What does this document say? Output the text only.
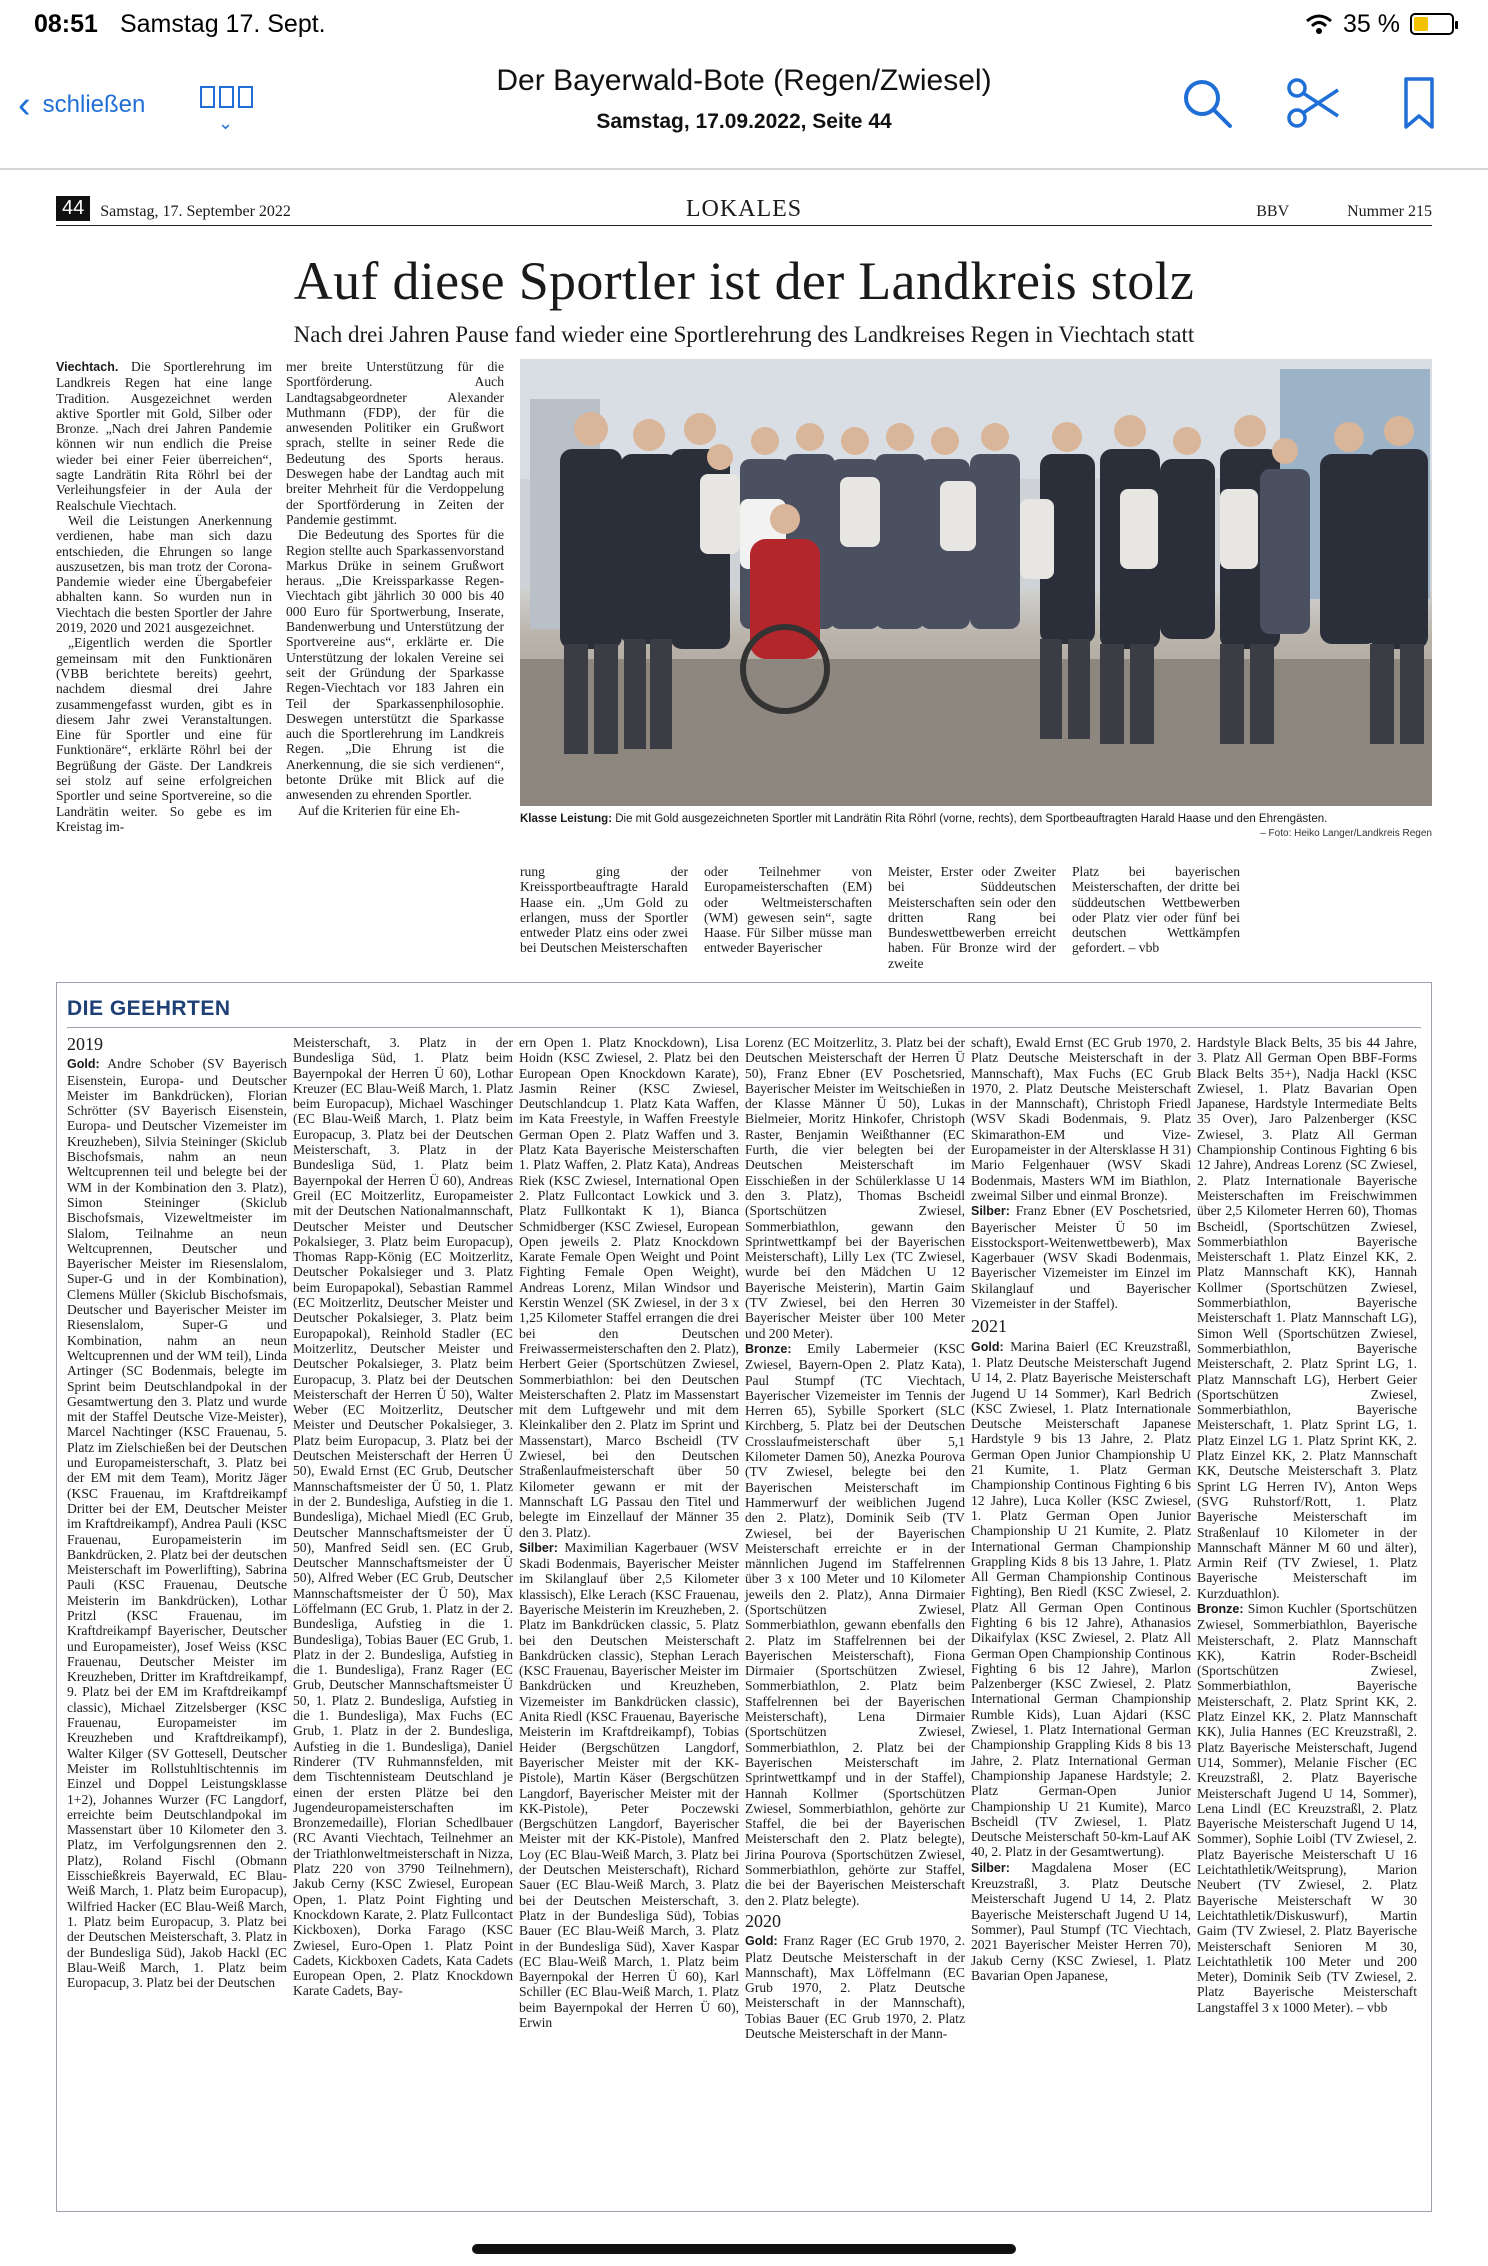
08:51 Samstag 17. Sept.	35 %
‹ schließen
⌄
Der Bayerwald-Bote (Regen/Zwiesel)
Samstag, 17.09.2022, Seite 44
44	Samstag, 17. September 2022	LOKALES	BBV	Nummer 215
Auf diese Sportler ist der Landkreis stolz
Nach drei Jahren Pause fand wieder eine Sportlerehrung des Landkreises Regen in Viechtach statt

Viechtach. Die Sportlerehrung im Landkreis Regen hat eine lange Tradition. Ausgezeichnet werden aktive Sportler mit Gold, Silber oder Bronze. „Nach drei Jahren Pandemie können wir nun endlich die Preise wieder bei einer Feier überreichen“, sagte Landrätin Rita Röhrl bei der Verleihungsfeier in der Aula der Realschule Viechtach.

Weil die Leistungen Anerkennung verdienen, habe man sich dazu entschieden, die Ehrungen so lange auszusetzen, bis man trotz der Corona-Pandemie wieder eine Übergabefeier abhalten kann. So wurden nun in Viechtach die besten Sportler der Jahre 2019, 2020 und 2021 ausgezeichnet.

„Eigentlich werden die Sportler gemeinsam mit den Funktionären (VBB berichtete bereits) geehrt, nachdem diesmal drei Jahre zusammengefasst wurden, gibt es in diesem Jahr zwei Veranstaltungen. Eine für Sportler und eine für Funktionäre“, erklärte Röhrl bei der Begrüßung der Gäste. Der Landkreis sei stolz auf seine erfolgreichen Sportler und seine Sportvereine, so die Landrätin weiter. So gebe es im Kreistag im-

mer breite Unterstützung für die Sportförderung. Auch Landtagsabgeordneter Alexander Muthmann (FDP), der für die anwesenden Politiker ein Grußwort sprach, stellte in seiner Rede die Bedeutung des Sports heraus. Deswegen habe der Landtag auch mit breiter Mehrheit für die Verdoppelung der Sportförderung in Zeiten der Pandemie gestimmt.

Die Bedeutung des Sportes für die Region stellte auch Sparkassenvorstand Markus Drüke in seinem Grußwort heraus. „Die Kreissparkasse Regen-Viechtach gibt jährlich 30 000 bis 40 000 Euro für Sportwerbung, Inserate, Bandenwerbung und Unterstützung der Sportvereine aus“, erklärte er. Die Unterstützung der lokalen Vereine sei seit der Gründung der Sparkasse Regen-Viechtach vor 183 Jahren ein Teil der Sparkassenphilosophie. Deswegen unterstützt die Sparkasse auch die Sportlerehrung im Landkreis Regen. „Die Ehrung ist die Anerkennung, die sie sich verdienen“, betonte Drüke mit Blick auf die anwesenden zu ehrenden Sportler.

Auf die Kriterien für eine Eh-

Klasse Leistung: Die mit Gold ausgezeichneten Sportler mit Landrätin Rita Röhrl (vorne, rechts), dem Sportbeauftragten Harald Haase und den Ehrengästen.
– Foto: Heiko Langer/Landkreis Regen

rung ging der Kreissportbeauftragte Harald Haase ein. „Um Gold zu erlangen, muss der Sportler entweder Platz eins oder zwei bei Deutschen Meisterschaften

oder Teilnehmer von Europameisterschaften (EM) oder Weltmeisterschaften (WM) gewesen sein“, sagte Haase. Für Silber müsse man entweder Bayerischer

Meister, Erster oder Zweiter bei Süddeutschen Meisterschaften sein oder den dritten Rang bei Bundeswettbewerben erreicht haben. Für Bronze wird der zweite

Platz bei bayerischen Meisterschaften, der dritte bei süddeutschen Wettbewerben oder Platz vier oder fünf bei deutschen Wettkämpfen gefordert. – vbb

DIE GEEHRTEN
2019

Gold: Andre Schober (SV Bayerisch Eisenstein, Europa- und Deutscher Meister im Bankdrücken), Florian Schrötter (SV Bayerisch Eisenstein, Europa- und Deutscher Vizemeister im Kreuzheben), Silvia Steininger (Skiclub Bischofsmais, nahm an neun Weltcuprennen teil und belegte bei der WM in der Kombination den 3. Platz), Simon Steininger (Skiclub Bischofsmais, Vizeweltmeister im Slalom, Teilnahme an neun Weltcuprennen, Deutscher und Bayerischer Meister im Riesenslalom, Super-G und in der Kombination), Clemens Müller (Skiclub Bischofsmais, Deutscher und Bayerischer Meister im Riesenslalom, Super-G und Kombination, nahm an neun Weltcuprennen und der WM teil), Linda Artinger (SC Bodenmais, belegte im Sprint beim Deutschlandpokal in der Gesamtwertung den 3. Platz und wurde mit der Staffel Deutsche Vize-Meister), Marcel Nachtinger (KSC Frauenau, 5. Platz im Zielschießen bei der Deutschen und Europameisterschaft, 3. Platz bei der EM mit dem Team), Moritz Jäger (KSC Frauenau, im Kraftdreikampf Dritter bei der EM, Deutscher Meister im Kraftdreikampf), Andrea Pauli (KSC Frauenau, Europameisterin im Bankdrücken, 2. Platz bei der deutschen Meisterschaft im Powerlifting), Sabrina Pauli (KSC Frauenau, Deutsche Meisterin im Bankdrücken), Lothar Pritzl (KSC Frauenau, im Kraftdreikampf Bayerischer, Deutscher und Europameister), Josef Weiss (KSC Frauenau, Deutscher Meister im Kreuzheben, Dritter im Kraftdreikampf, 9. Platz bei der EM im Kraftdreikampf classic), Michael Zitzelsberger (KSC Frauenau, Europameister im Kreuzheben und Kraftdreikampf), Walter Kilger (SV Gottesell, Deutscher Meister im Rollstuhltischtennis im Einzel und Doppel Leistungsklasse 1+2), Johannes Wurzer (FC Langdorf, erreichte beim Deutschlandpokal im Massenstart über 10 Kilometer den 3. Platz, im Verfolgungsrennen den 2. Platz), Roland Fischl (Obmann Eisschießkreis Bayerwald, EC Blau-Weiß March, 1. Platz beim Europacup), Wilfried Hacker (EC Blau-Weiß March, 1. Platz beim Europacup, 3. Platz bei der Deutschen Meisterschaft, 3. Platz in der Bundesliga Süd), Jakob Hackl (EC Blau-Weiß March, 1. Platz beim Europacup, 3. Platz bei der Deutschen

Meisterschaft, 3. Platz in der Bundesliga Süd, 1. Platz beim Bayernpokal der Herren Ü 60), Lothar Kreuzer (EC Blau-Weiß March, 1. Platz beim Europacup), Michael Waschinger (EC Blau-Weiß March, 1. Platz beim Europacup, 3. Platz bei der Deutschen Meisterschaft, 3. Platz in der Bundesliga Süd, 1. Platz beim Bayernpokal der Herren Ü 60), Andreas Greil (EC Moitzerlitz, Europameister mit der Deutschen Nationalmannschaft, Deutscher Meister und Deutscher Pokalsieger, 3. Platz beim Europacup), Thomas Rapp-König (EC Moitzerlitz, Deutscher Pokalsieger und 3. Platz beim Europapokal), Sebastian Rammel (EC Moitzerlitz, Deutscher Meister und Deutscher Pokalsieger, 3. Platz beim Europapokal), Reinhold Stadler (EC Moitzerlitz, Deutscher Meister und Deutscher Pokalsieger, 3. Platz beim Europacup, 3. Platz bei der Deutschen Meisterschaft der Herren Ü 50), Walter Weber (EC Moitzerlitz, Deutscher Meister und Deutscher Pokalsieger, 3. Platz beim Europacup, 3. Platz bei der Deutschen Meisterschaft der Herren Ü 50), Ewald Ernst (EC Grub, Deutscher Mannschaftsmeister der Ü 50, 1. Platz in der 2. Bundesliga, Aufstieg in die 1. Bundesliga), Michael Miedl (EC Grub, Deutscher Mannschaftsmeister der Ü 50), Manfred Seidl sen. (EC Grub, Deutscher Mannschaftsmeister der Ü 50), Alfred Weber (EC Grub, Deutscher Mannschaftsmeister der Ü 50), Max Löffelmann (EC Grub, 1. Platz in der 2. Bundesliga, Aufstieg in die 1. Bundesliga), Tobias Bauer (EC Grub, 1. Platz in der 2. Bundesliga, Aufstieg in die 1. Bundesliga), Franz Rager (EC Grub, Deutscher Mannschaftsmeister Ü 50, 1. Platz 2. Bundesliga, Aufstieg in die 1. Bundesliga), Max Fuchs (EC Grub, 1. Platz in der 2. Bundesliga, Aufstieg in die 1. Bundesliga), Daniel Rinderer (TV Ruhmannsfelden, mit dem Tischtennisteam Deutschland je einen der ersten Plätze bei den Jugendeuropameisterschaften im Bronzemedaille), Florian Schedlbauer (RC Avanti Viechtach, Teilnehmer an der Triathlonweltmeisterschaft in Nizza, Platz 220 von 3790 Teilnehmern), Jakub Cerny (KSC Zwiesel, European Open, 1. Platz Point Fighting und Knockdown Karate, 2. Platz Fullcontact Kickboxen), Dorka Farago (KSC Zwiesel, Euro-Open 1. Platz Point Cadets, Kickboxen Cadets, Kata Cadets European Open, 2. Platz Knockdown Karate Cadets, Bay-

ern Open 1. Platz Knockdown), Lisa Hoidn (KSC Zwiesel, 2. Platz bei den European Open Knockdown Karate), Jasmin Reiner (KSC Zwiesel, Deutschlandcup 1. Platz Kata Waffen, im Kata Freestyle, in Waffen Freestyle German Open 2. Platz Waffen und 3. Platz Kata Bayerische Meisterschaften 1. Platz Waffen, 2. Platz Kata), Andreas Riek (KSC Zwiesel, International Open 2. Platz Fullcontact Lowkick und 3. Platz Fullkontakt K 1), Bianca Schmidberger (KSC Zwiesel, European Open jeweils 2. Platz Knockdown Karate Female Open Weight und Point Fighting Female Open Weight), Andreas Lorenz, Milan Windsor und Kerstin Wenzel (SK Zwiesel, in der 3 x 1,25 Kilometer Staffel errangen die drei bei den Deutschen Freiwassermeisterschaften den 2. Platz), Herbert Geier (Sportschützen Zwiesel, Sommerbiathlon: bei den Deutschen Meisterschaften 2. Platz im Massenstart mit dem Luftgewehr und mit dem Kleinkaliber den 2. Platz im Sprint und Massenstart), Marco Bscheidl (TV Zwiesel, bei den Deutschen Straßenlaufmeisterschaft über 50 Kilometer gewann er mit der Mannschaft LG Passau den Titel und belegte im Einzellauf der Männer 35 den 3. Platz).

Silber: Maximilian Kagerbauer (WSV Skadi Bodenmais, Bayerischer Meister im Skilanglauf über 2,5 Kilometer klassisch), Elke Lerach (KSC Frauenau, Bayerische Meisterin im Kreuzheben, 2. Platz im Bankdrücken classic, 5. Platz bei den Deutschen Meisterschaft Bankdrücken classic), Stephan Lerach (KSC Frauenau, Bayerischer Meister im Bankdrücken und Kreuzheben, Vizemeister im Bankdrücken classic), Anita Riedl (KSC Frauenau, Bayerische Meisterin im Kraftdreikampf), Tobias Heider (Bergschützen Langdorf, Bayerischer Meister mit der KK-Pistole), Martin Käser (Bergschützen Langdorf, Bayerischer Meister mit der KK-Pistole), Peter Poczewski (Bergschützen Langdorf, Bayerischer Meister mit der KK-Pistole), Manfred Loy (EC Blau-Weiß March, 3. Platz bei der Deutschen Meisterschaft), Richard Sauer (EC Blau-Weiß March, 3. Platz bei der Deutschen Meisterschaft, 3. Platz in der Bundesliga Süd), Tobias Bauer (EC Blau-Weiß March, 3. Platz in der Bundesliga Süd), Xaver Kaspar (EC Blau-Weiß March, 1. Platz beim Bayernpokal der Herren Ü 60), Karl Schiller (EC Blau-Weiß March, 1. Platz beim Bayernpokal der Herren Ü 60), Erwin

Lorenz (EC Moitzerlitz, 3. Platz bei der Deutschen Meisterschaft der Herren Ü 50), Franz Ebner (EV Poschetsried, Bayerischer Meister im Weitschießen in der Klasse Männer Ü 50), Lukas Bielmeier, Moritz Hinkofer, Christoph Raster, Benjamin Weißthanner (EC Furth, die vier belegten bei der Deutschen Meisterschaft im Eisschießen in der Schülerklasse U 14 den 3. Platz), Thomas Bscheidl (Sportschützen Zwiesel, Sommerbiathlon, gewann den Sprintwettkampf bei der Bayerischen Meisterschaft), Lilly Lex (TC Zwiesel, wurde bei den Mädchen U 12 Bayerische Meisterin), Martin Gaim (TV Zwiesel, bei den Herren 30 Bayerischer Meister über 100 Meter und 200 Meter).

Bronze: Emily Labermeier (KSC Zwiesel, Bayern-Open 2. Platz Kata), Paul Stumpf (TC Viechtach, Bayerischer Vizemeister im Tennis der Herren 65), Sybille Sporkert (SLC Kirchberg, 5. Platz bei der Deutschen Crosslaufmeisterschaft über 5,1 Kilometer Damen 50), Anezka Pourova (TV Zwiesel, belegte bei den Bayerischen Meisterschaft im Hammerwurf der weiblichen Jugend den 2. Platz), Dominik Seib (TV Zwiesel, bei der Bayerischen Meisterschaft erreichte er in der männlichen Jugend im Staffelrennen über 3 x 100 Meter und 10 Kilometer jeweils den 2. Platz), Anna Dirmaier (Sportschützen Zwiesel, Sommerbiathlon, gewann ebenfalls den 2. Platz im Staffelrennen bei der Bayerischen Meisterschaft), Fiona Dirmaier (Sportschützen Zwiesel, Sommerbiathlon, 2. Platz beim Staffelrennen bei der Bayerischen Meisterschaft), Lena Dirmaier (Sportschützen Zwiesel, Sommerbiathlon, 2. Platz bei der Bayerischen Meisterschaft im Sprintwettkampf und in der Staffel), Hannah Kollmer (Sportschützen Zwiesel, Sommerbiathlon, gehörte zur Staffel, die bei der Bayerischen Meisterschaft den 2. Platz belegte), Jirina Pourova (Sportschützen Zwiesel, Sommerbiathlon, gehörte zur Staffel, die bei der Bayerischen Meisterschaft den 2. Platz belegte).

2020

Gold: Franz Rager (EC Grub 1970, 2. Platz Deutsche Meisterschaft in der Mannschaft), Max Löffelmann (EC Grub 1970, 2. Platz Deutsche Meisterschaft in der Mannschaft), Tobias Bauer (EC Grub 1970, 2. Platz Deutsche Meisterschaft in der Mann-

schaft), Ewald Ernst (EC Grub 1970, 2. Platz Deutsche Meisterschaft in der Mannschaft), Max Fuchs (EC Grub 1970, 2. Platz Deutsche Meisterschaft in der Mannschaft), Christoph Friedl (WSV Skadi Bodenmais, 9. Platz Skimarathon-EM und Vize-Europameister in der Altersklasse H 31) Mario Felgenhauer (WSV Skadi Bodenmais, Masters WM im Biathlon, zweimal Silber und einmal Bronze).

Silber: Franz Ebner (EV Poschetsried, Bayerischer Meister Ü 50 im Eisstocksport-Weitenwettbewerb), Max Kagerbauer (WSV Skadi Bodenmais, Bayerischer Vizemeister im Einzel im Skilanglauf und Bayerischer Vizemeister in der Staffel).

2021

Gold: Marina Baierl (EC Kreuzstraßl, 1. Platz Deutsche Meisterschaft Jugend U 14, 2. Platz Bayerische Meisterschaft Jugend U 14 Sommer), Karl Bedrich (KSC Zwiesel, 1. Platz Internationale Deutsche Meisterschaft Japanese Hardstyle 9 bis 13 Jahre, 2. Platz German Open Junior Championship U 21 Kumite, 1. Platz German Championship Continous Fighting 6 bis 12 Jahre), Luca Koller (KSC Zwiesel, 1. Platz German Open Junior Championship U 21 Kumite, 2. Platz International German Championship Grappling Kids 8 bis 13 Jahre, 1. Platz All German Championship Continous Fighting), Ben Riedl (KSC Zwiesel, 2. Platz All German Open Continous Fighting 6 bis 12 Jahre), Athanasios Dikaifylax (KSC Zwiesel, 2. Platz All German Open Championship Continous Fighting 6 bis 12 Jahre), Marlon Palzenberger (KSC Zwiesel, 2. Platz International German Championship Rumble Kids), Luan Ajdari (KSC Zwiesel, 1. Platz International German Championship Grappling Kids 8 bis 13 Jahre, 2. Platz International German Championship Japanese Hardstyle; 2. Platz German-Open Junior Championship U 21 Kumite), Marco Bscheidl (TV Zwiesel, 1. Platz Deutsche Meisterschaft 50-km-Lauf AK 40, 2. Platz in der Gesamtwertung).

Silber: Magdalena Moser (EC Kreuzstraßl, 3. Platz Deutsche Meisterschaft Jugend U 14, 2. Platz Bayerische Meisterschaft Jugend U 14, Sommer), Paul Stumpf (TC Viechtach, 2021 Bayerischer Meister Herren 70), Jakub Cerny (KSC Zwiesel, 1. Platz Bavarian Open Japanese,

Hardstyle Black Belts, 35 bis 44 Jahre, 3. Platz All German Open BBF-Forms Black Belts 35+), Nadja Hackl (KSC Zwiesel, 1. Platz Bavarian Open Japanese, Hardstyle Intermediate Belts 35 Over), Jaro Palzenberger (KSC Zwiesel, 3. Platz All German Championship Continous Fighting 6 bis 12 Jahre), Andreas Lorenz (SC Zwiesel, 2. Platz Internationale Bayerische Meisterschaften im Freischwimmen über 2,5 Kilometer Herren 60), Thomas Bscheidl, (Sportschützen Zwiesel, Sommerbiathlon Bayerische Meisterschaft 1. Platz Einzel KK, 2. Platz Mannschaft KK), Hannah Kollmer (Sportschützen Zwiesel, Sommerbiathlon, Bayerische Meisterschaft 1. Platz Mannschaft LG), Simon Well (Sportschützen Zwiesel, Sommerbiathlon, Bayerische Meisterschaft, 2. Platz Sprint LG, 1. Platz Mannschaft LG), Herbert Geier (Sportschützen Zwiesel, Sommerbiathlon, Bayerische Meisterschaft, 1. Platz Sprint LG, 1. Platz Einzel LG 1. Platz Sprint KK, 2. Platz Einzel KK, 2. Platz Mannschaft KK, Deutsche Meisterschaft 3. Platz Sprint LG Herren IV), Anton Weps (SVG Ruhstorf/Rott, 1. Platz Bayerische Meisterschaft im Straßenlauf 10 Kilometer in der Mannschaft Männer M 60 und älter), Armin Reif (TV Zwiesel, 1. Platz Bayerische Meisterschaft im Kurzduathlon).

Bronze: Simon Kuchler (Sportschützen Zwiesel, Sommerbiathlon, Bayerische Meisterschaft, 2. Platz Mannschaft KK), Katrin Roder-Bscheidl (Sportschützen Zwiesel, Sommerbiathlon, Bayerische Meisterschaft, 2. Platz Sprint KK, 2. Platz Einzel KK, 2. Platz Mannschaft KK), Julia Hannes (EC Kreuzstraßl, 2. Platz Bayerische Meisterschaft, Jugend U14, Sommer), Melanie Fischer (EC Kreuzstraßl, 2. Platz Bayerische Meisterschaft Jugend U 14, Sommer), Lena Lindl (EC Kreuzstraßl, 2. Platz Bayerische Meisterschaft Jugend U 14, Sommer), Sophie Loibl (TV Zwiesel, 2. Platz Bayerische Meisterschaft U 16 Leichtathletik/Weitsprung), Marion Neubert (TV Zwiesel, 2. Platz Bayerische Meisterschaft W 30 Leichtathletik/Diskuswurf), Martin Gaim (TV Zwiesel, 2. Platz Bayerische Meisterschaft Senioren M 30, Leichtathletik 100 Meter und 200 Meter), Dominik Seib (TV Zwiesel, 2. Platz Bayerische Meisterschaft Langstaffel 3 x 1000 Meter). – vbb
